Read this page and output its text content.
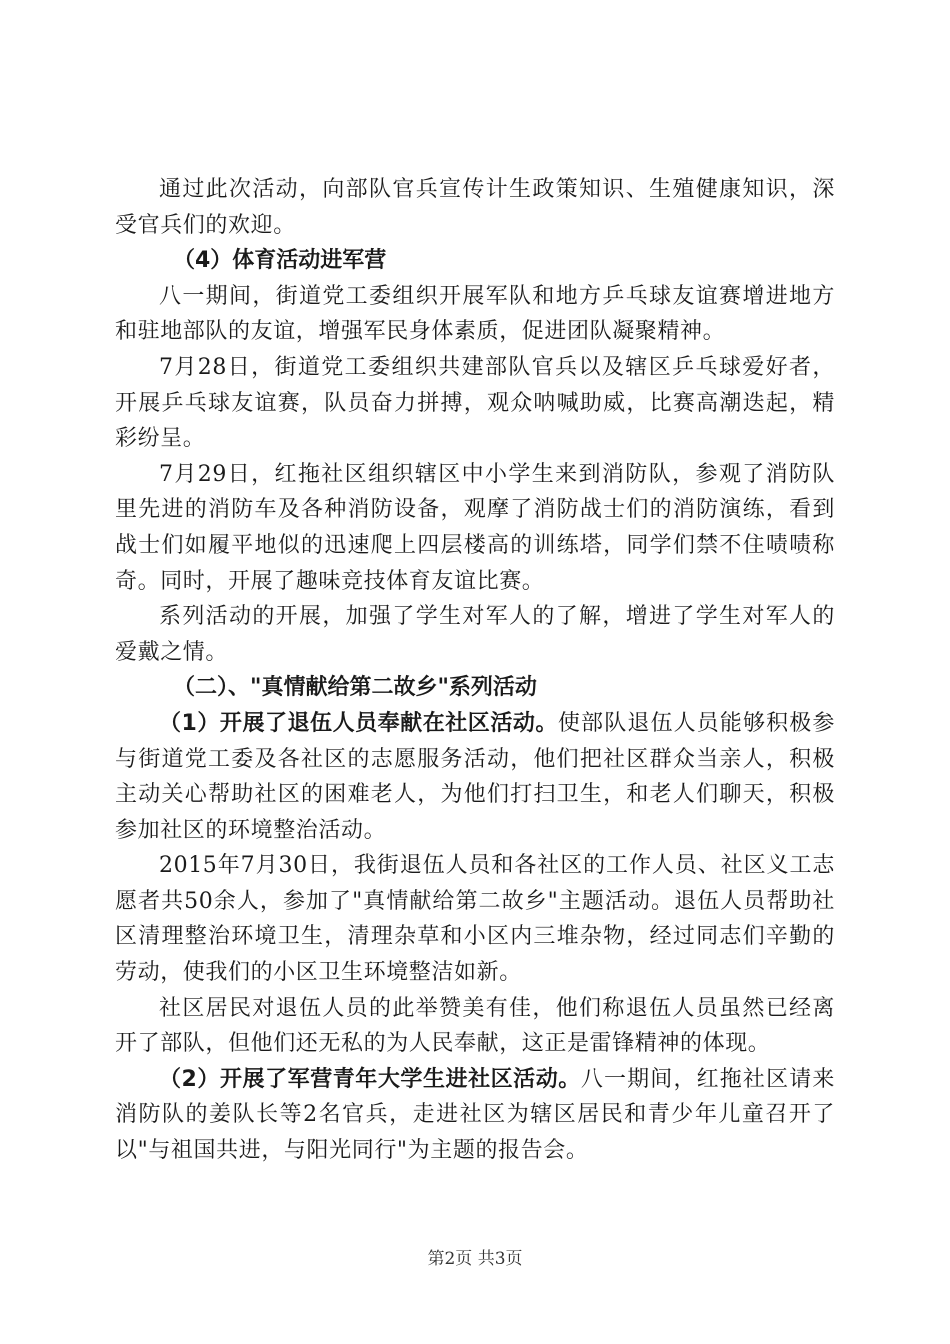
通过此次活动，向部队官兵宣传计生政策知识、生殖健康知识，深受官兵们的欢迎。

（4）体育活动进军营

八一期间，街道党工委组织开展军队和地方乒乓球友谊赛增进地方和驻地部队的友谊，增强军民身体素质，促进团队凝聚精神。

7月28日，街道党工委组织共建部队官兵以及辖区乒乓球爱好者，开展乒乓球友谊赛，队员奋力拼搏，观众呐喊助威，比赛高潮迭起，精彩纷呈。

7月29日，红拖社区组织辖区中小学生来到消防队，参观了消防队里先进的消防车及各种消防设备，观摩了消防战士们的消防演练，看到战士们如履平地似的迅速爬上四层楼高的训练塔，同学们禁不住啧啧称奇。同时，开展了趣味竞技体育友谊比赛。

系列活动的开展，加强了学生对军人的了解，增进了学生对军人的爱戴之情。

（二）、"真情献给第二故乡"系列活动

（1）开展了退伍人员奉献在社区活动。使部队退伍人员能够积极参与街道党工委及各社区的志愿服务活动，他们把社区群众当亲人，积极主动关心帮助社区的困难老人，为他们打扫卫生，和老人们聊天，积极参加社区的环境整治活动。

2015年7月30日，我街退伍人员和各社区的工作人员、社区义工志愿者共50余人，参加了"真情献给第二故乡"主题活动。退伍人员帮助社区清理整治环境卫生，清理杂草和小区内三堆杂物，经过同志们辛勤的劳动，使我们的小区卫生环境整洁如新。

社区居民对退伍人员的此举赞美有佳，他们称退伍人员虽然已经离开了部队，但他们还无私的为人民奉献，这正是雷锋精神的体现。

（2）开展了军营青年大学生进社区活动。八一期间，红拖社区请来消防队的姜队长等2名官兵，走进社区为辖区居民和青少年儿童召开了以"与祖国共进，与阳光同行"为主题的报告会。

第2页 共3页
